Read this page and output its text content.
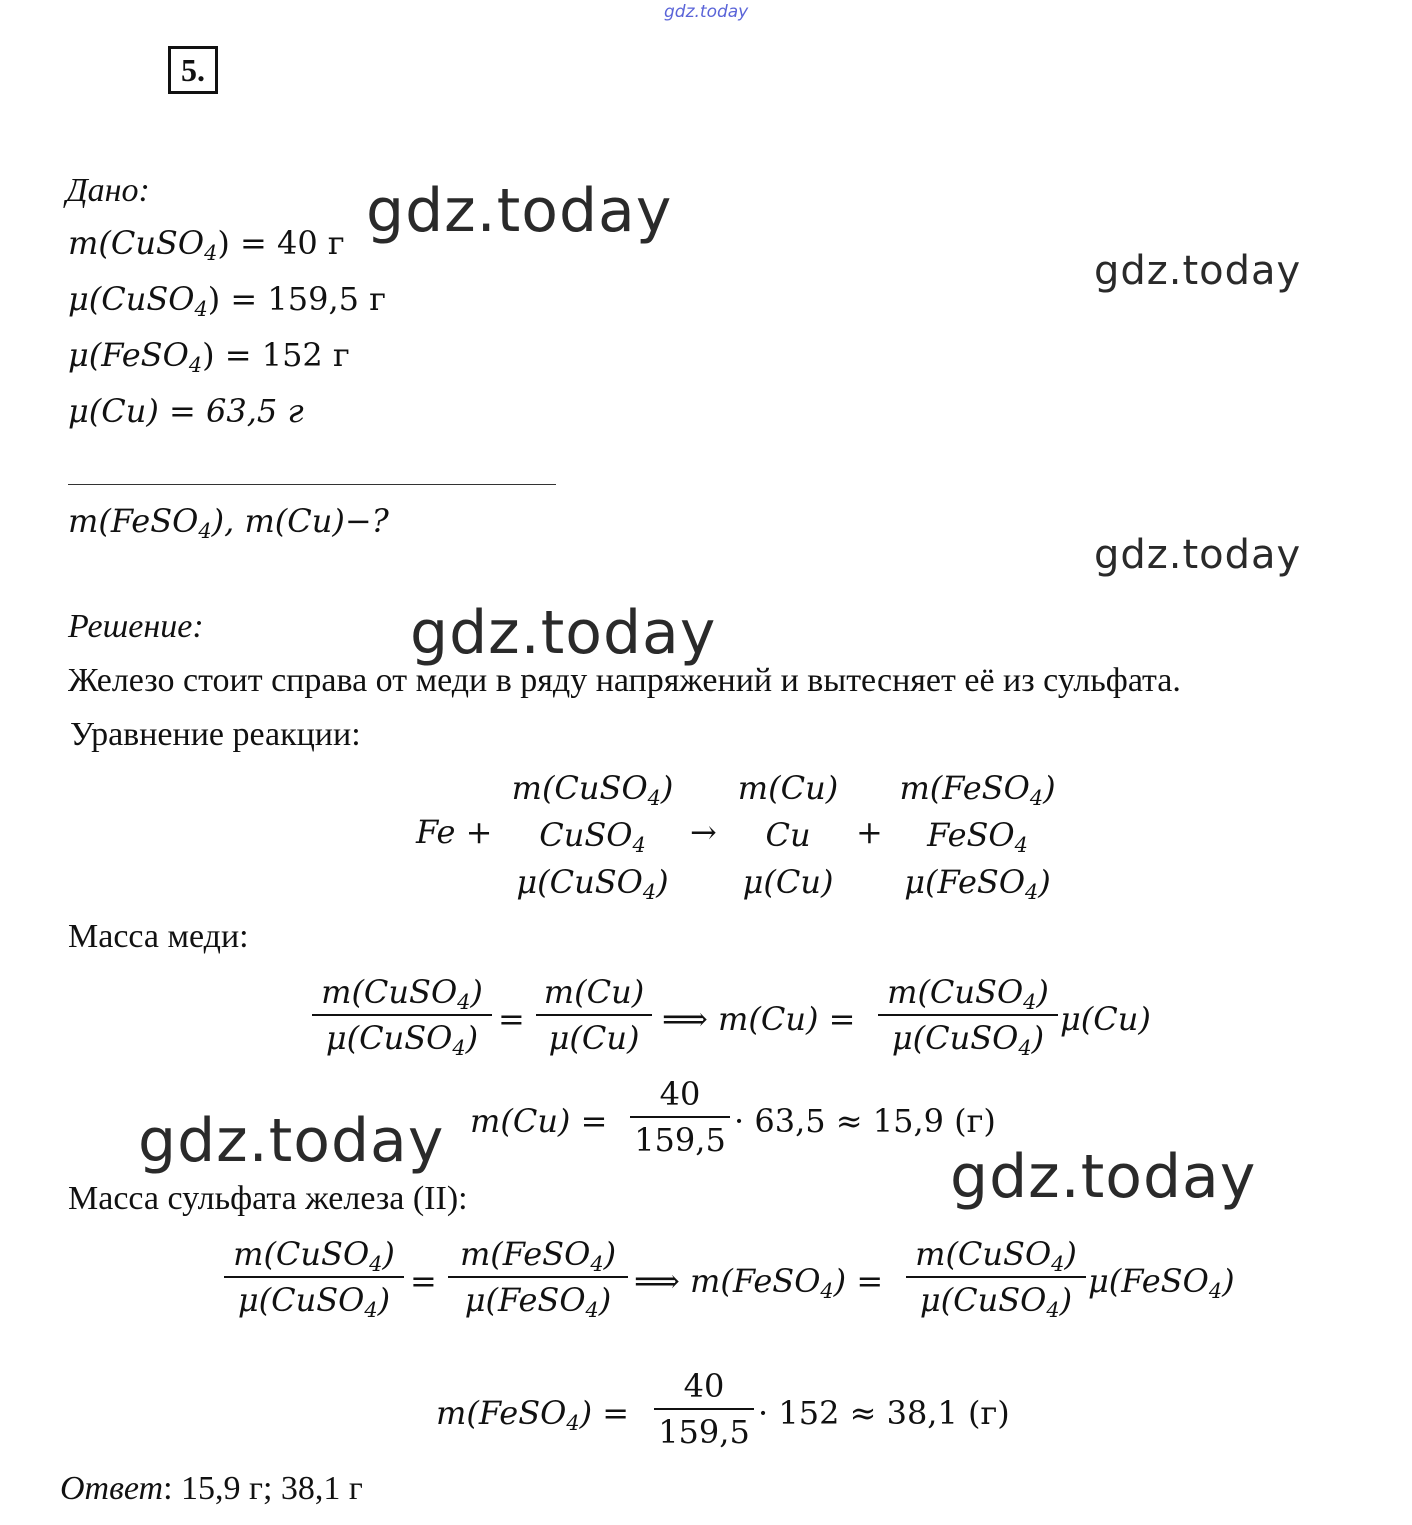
gdz.today
5.
Дано:
m(CuSO$_4$) = 40 г
μ(CuSO$_4$) = 159,5 г
μ(FeSO$_4$) = 152 г
μ(Cu) = 63,5 г
m(FeSO$_4$), m(Cu)−?
Решение:
Железо стоит справа от меди в ряду напряжений и вытесняет её из сульфата.
Уравнение реакции:
Fe +
m(CuSO$_4$)
CuSO$_4$
μ(CuSO$_4$)
→
m(Cu)
Cu
μ(Cu)
+
m(FeSO$_4$)
FeSO$_4$
μ(FeSO$_4$)
Масса меди:
m(CuSO$_4$)
μ(CuSO$_4$) = $\frac{m(Cu)}{\mu(Cu)}$ ⟹ m(Cu) =
m(CuSO$_4$)
μ(CuSO$_4$) μ(Cu)
$m(Cu) = \frac{40}{159,5} \cdot 63,5 \approx 15,9$ (г)
Масса сульфата железа (II):
m(CuSO$_4$)
μ(CuSO$_4$) =
m(FeSO$_4$)
μ(FeSO$_4$) ⟹ m(FeSO$_4$) =
m(CuSO$_4$)
μ(CuSO$_4$) μ(FeSO$_4$)
m(FeSO$_4$) = $\frac{40}{159,5} \cdot 152 \approx 38,1$ (г)
Ответ: 15,9 г; 38,1 г
gdz.today
gdz.today
gdz.today
gdz.today
gdz.today
gdz.today
